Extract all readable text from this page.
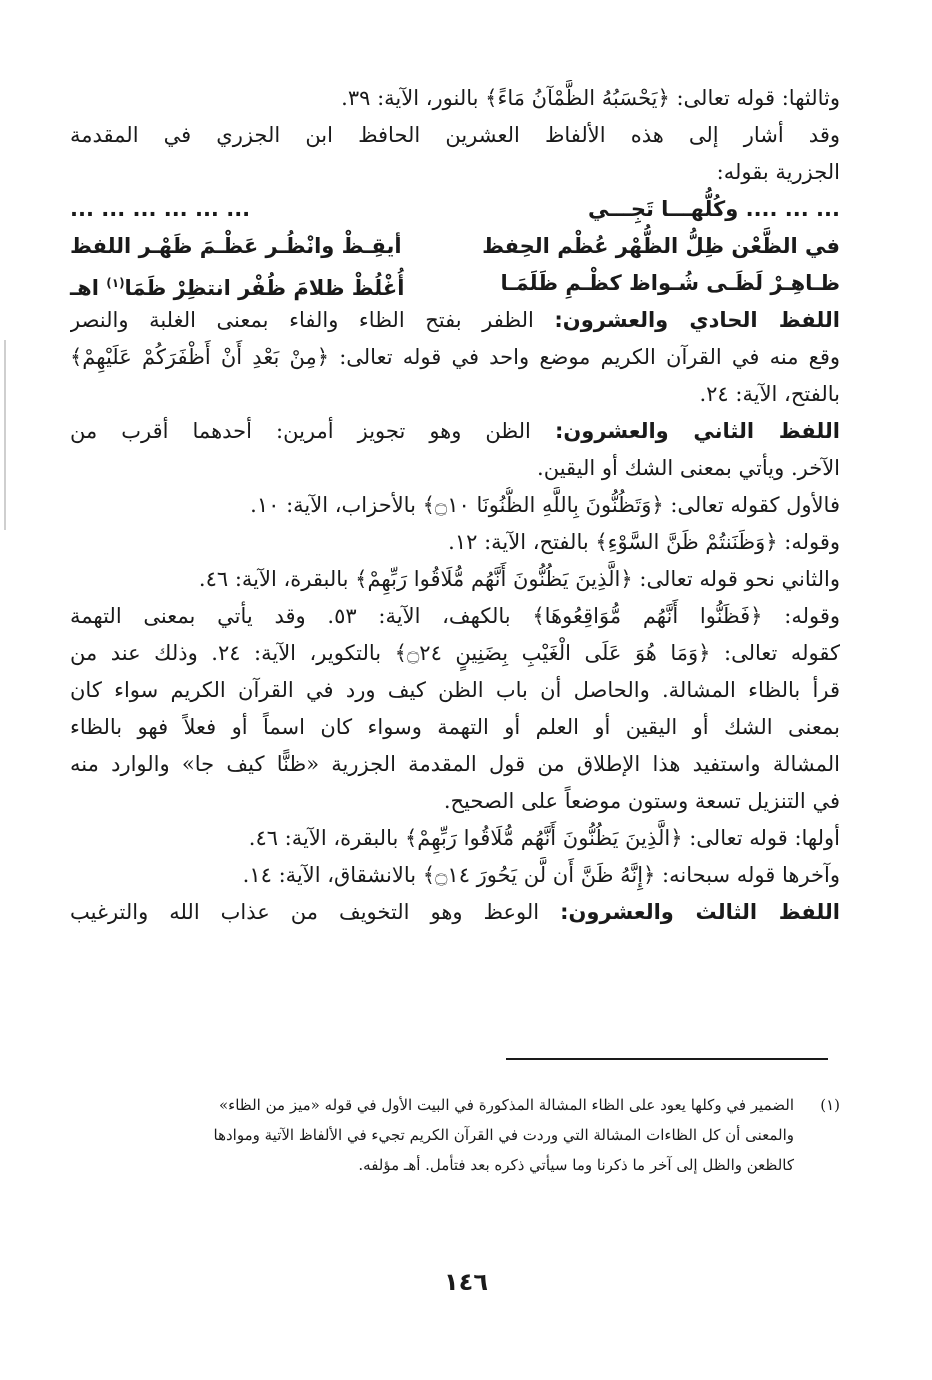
وثالثها: قوله تعالى: ﴿يَحْسَبُهُ الظَّمْآنُ مَاءً﴾ بالنور، الآية: ٣٩.
وقد أشار إلى هذه الألفاظ العشرين الحافظ ابن الجزري في المقدمة
الجزرية بقوله:
... ... .... وكُلُّهـــا تَجِـــي
... ... ... ... ... ...
في الظَّعْن ظِلُّ الظُّهْر عُظْم الحِفظ
أيقِـظْ وانْظُـر عَظْـمَ ظَهْـر اللفظ
ظـاهِـرْ لَظَـى شُـواظ كظْـمِ ظَلَمَـا
أُغْلُظْ ظلامَ ظُفْر انتظِرْ ظَمَا$^{(١)}$ اهـ
اللفظ الحادي والعشرون: الظفر بفتح الظاء والفاء بمعنى الغلبة والنصر
وقع منه في القرآن الكريم موضع واحد في قوله تعالى: ﴿مِنْ بَعْدِ أَنْ أَظْفَرَكُمْ عَلَيْهِمْ﴾
بالفتح، الآية: ٢٤.
اللفظ الثاني والعشرون: الظن وهو تجويز أمرين: أحدهما أقرب من
الآخر. ويأتي بمعنى الشك أو اليقين.
فالأول كقوله تعالى: ﴿وَتَظُنُّونَ بِاللَّهِ الظُّنُونَا ۝١٠﴾ بالأحزاب، الآية: ١٠.
وقوله: ﴿وَظَنَنتُمْ ظَنَّ السَّوْءِ﴾ بالفتح، الآية: ١٢.
والثاني نحو قوله تعالى: ﴿الَّذِينَ يَظُنُّونَ أَنَّهُم مُّلَاقُوا رَبِّهِمْ﴾ بالبقرة، الآية: ٤٦.
وقوله: ﴿فَظَنُّوا أَنَّهُم مُّوَاقِعُوهَا﴾ بالكهف، الآية: ٥٣. وقد يأتي بمعنى التهمة
كقوله تعالى: ﴿وَمَا هُوَ عَلَى الْغَيْبِ بِضَنِينٍ ۝٢٤﴾ بالتكوير، الآية: ٢٤. وذلك عند من
قرأ بالظاء المشالة. والحاصل أن باب الظن كيف ورد في القرآن الكريم سواء كان
بمعنى الشك أو اليقين أو العلم أو التهمة وسواء كان اسماً أو فعلاً فهو بالظاء
المشالة واستفيد هذا الإطلاق من قول المقدمة الجزرية «ظنًّا كيف جا» والوارد منه
في التنزيل تسعة وستون موضعاً على الصحيح.
أولها: قوله تعالى: ﴿الَّذِينَ يَظُنُّونَ أَنَّهُم مُّلَاقُوا رَبِّهِمْ﴾ بالبقرة، الآية: ٤٦.
وآخرها قوله سبحانه: ﴿إِنَّهُ ظَنَّ أَن لَّن يَحُورَ ۝١٤﴾ بالانشقاق، الآية: ١٤.
اللفظ الثالث والعشرون: الوعظ وهو التخويف من عذاب الله والترغيب
(١)الضمير في وكلها يعود على الظاء المشالة المذكورة في البيت الأول في قوله «ميز من الظاء»
والمعنى أن كل الظاءات المشالة التي وردت في القرآن الكريم تجيء في الألفاظ الآتية وموادها
كالظعن والظل إلى آخر ما ذكرنا وما سيأتي ذكره بعد فتأمل. أهـ مؤلفه.
١٤٦
